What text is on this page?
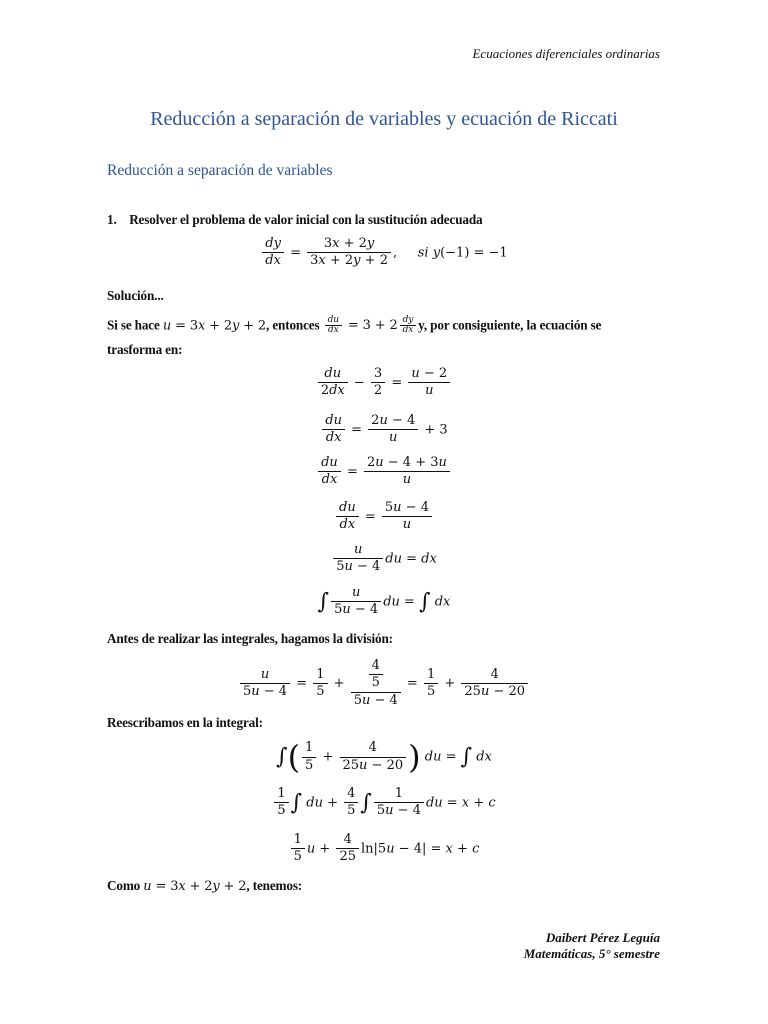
Ecuaciones diferenciales ordinarias
Reducción a separación de variables y ecuación de Riccati
Reducción a separación de variables
1. Resolver el problema de valor inicial con la sustitución adecuada
$\frac{dy}{dx} = \frac{3x + 2y}{3x + 2y + 2}$ ,     si y(−1) = −1
Solución...
Si se hace u = 3x + 2y + 2, entonces $\frac{du}{dx} = 3 + 2 \frac{dy}{dx} y$, por consiguiente, la ecuación se
trasforma en:
$\frac{du}{2dx} - \frac{3}{2} = \frac{u - 2}{u}$
$\frac{du}{dx} = \frac{2u - 4}{u} + 3$
$\frac{du}{dx} = \frac{2u - 4 + 3u}{u}$
$\frac{du}{dx} = \frac{5u - 4}{u}$
$\frac{u}{5u - 4}$ du = dx
∫ $\frac{u}{5u - 4}$ du = ∫ dx
Antes de realizar las integrales, hagamos la división:
$\frac{u}{5u - 4} = \frac{1}{5} + \frac{\frac{4}{5}}{5u - 4} = \frac{1}{5} + \frac{4}{25u - 20}$
Reescribamos en la integral:
∫( $\frac{1}{5} + \frac{4}{25u - 20}$ ) du = ∫ dx
$\frac{1}{5}$ ∫ du + $\frac{4}{5}$ ∫ $\frac{1}{5u - 4}$ du = x + c
$\frac{1}{5}$ $u + \frac{4}{25} \ln|5u - 4| = x + c$
Como u = 3x + 2y + 2, tenemos:
Daibert Pérez Leguía
Matemáticas, 5° semestre
